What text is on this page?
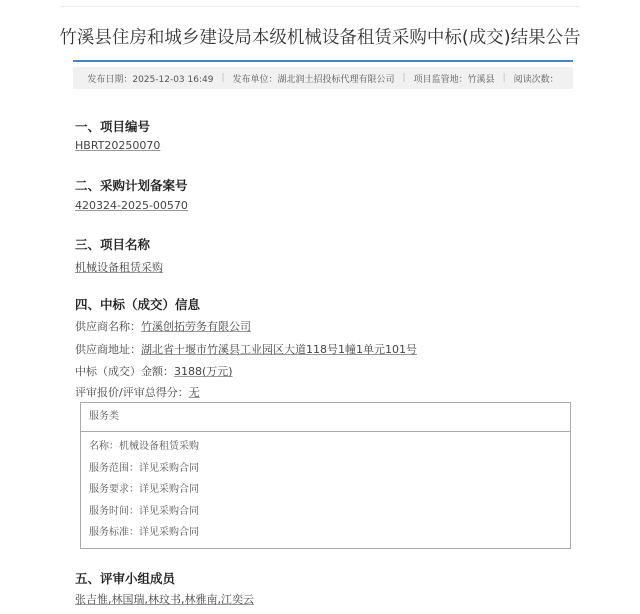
竹溪县住房和城乡建设局本级机械设备租赁采购中标(成交)结果公告
发布日期：2025-12-03 16:49 | 发布单位：湖北润土招投标代理有限公司 | 项目监管地：竹溪县 | 阅读次数：
一、项目编号
HBRT20250070
二、采购计划备案号
420324-2025-00570
三、项目名称
机械设备租赁采购
四、中标（成交）信息
供应商名称：竹溪创拓劳务有限公司
供应商地址：湖北省十堰市竹溪县工业园区大道118号1幢1单元101号
中标（成交）金额：3188(万元)
评审报价/评审总得分：无
服务类
名称：机械设备租赁采购
服务范围：详见采购合同
服务要求：详见采购合同
服务时间：详见采购合同
服务标准：详见采购合同
五、评审小组成员
张吉惟,林国瑞,林玟书,林雅南,江奕云
